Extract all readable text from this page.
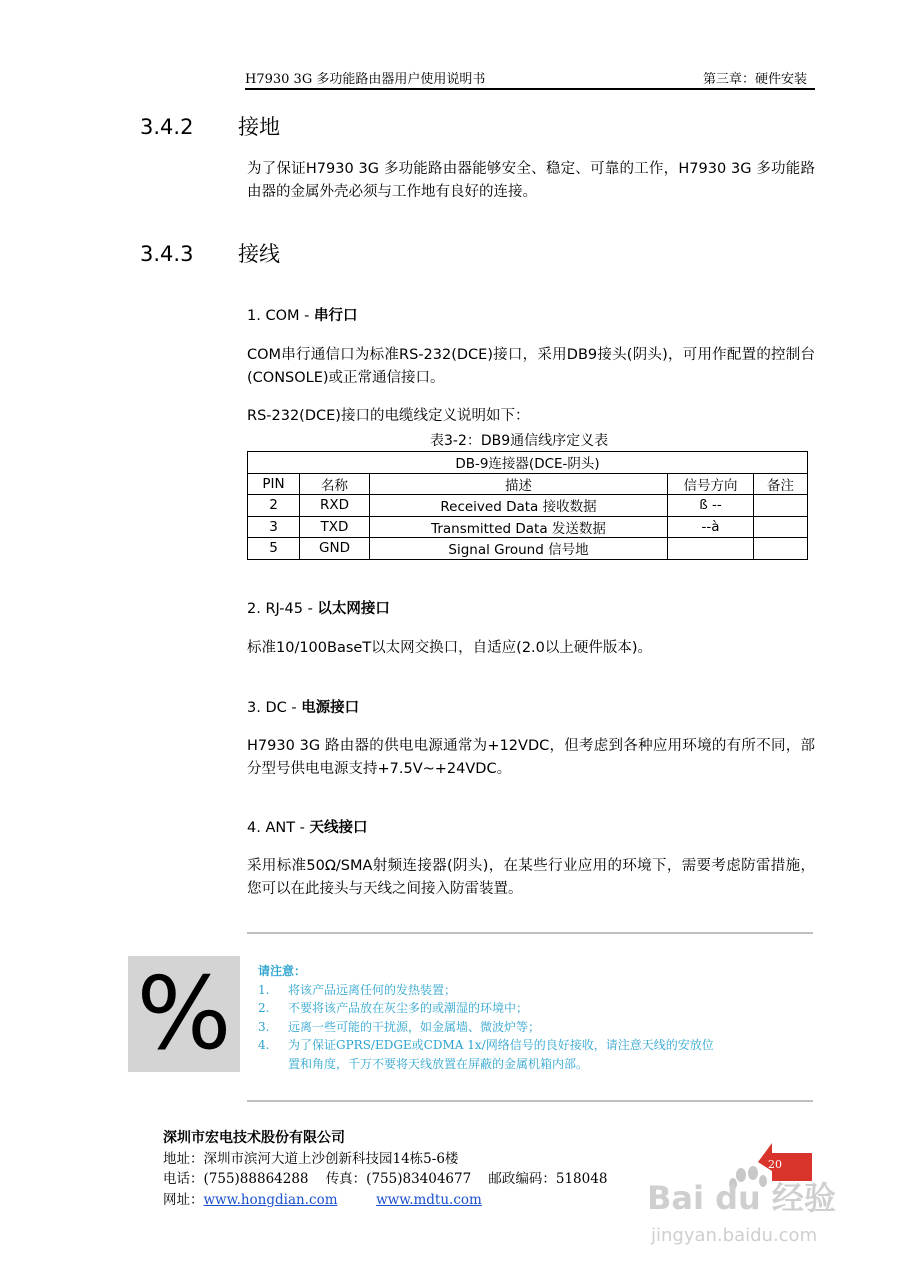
H7930 3G 多功能路由器用户使用说明书	第三章：硬件安装
3.4.2 接地
为了保证H7930 3G 多功能路由器能够安全、稳定、可靠的工作，H7930 3G 多功能路由器的金属外壳必须与工作地有良好的连接。
3.4.3 接线
1. COM - 串行口
COM串行通信口为标准RS-232(DCE)接口，采用DB9接头(阴头)，可用作配置的控制台(CONSOLE)或正常通信接口。
RS-232(DCE)接口的电缆线定义说明如下：
表3-2：DB9通信线序定义表
DB-9连接器(DCE-阴头)				
PIN	名称	描述	信号方向	备注
2	RXD	Received Data 接收数据	ß --	
3	TXD	Transmitted Data 发送数据	--à	
5	GND	Signal Ground 信号地		
2. RJ-45 - 以太网接口
标准10/100BaseT以太网交换口，自适应(2.0以上硬件版本)。
3. DC - 电源接口
H7930 3G 路由器的供电电源通常为+12VDC，但考虑到各种应用环境的有所不同，部分型号供电电源支持+7.5V~+24VDC。
4. ANT - 天线接口
采用标准50Ω/SMA射频连接器(阴头)，在某些行业应用的环境下，需要考虑防雷措施，您可以在此接头与天线之间接入防雷装置。
% 请注意：
1.	将该产品远离任何的发热装置；
2.	不要将该产品放在灰尘多的或潮湿的环境中；
3.	远离一些可能的干扰源，如金属墙、微波炉等；
4.	为了保证GPRS/EDGE或CDMA 1x/网络信号的良好接收，请注意天线的安放位
置和角度，千万不要将天线放置在屏蔽的金属机箱内部。
深圳市宏电技术股份有限公司
地址：深圳市滨河大道上沙创新科技园14栋5-6楼
电话：(755)88864288 传真：(755)83404677 邮政编码：518048
网址：www.hongdian.com	www.mdtu.com
20
Bai du 经验
jingyan.baidu.com
